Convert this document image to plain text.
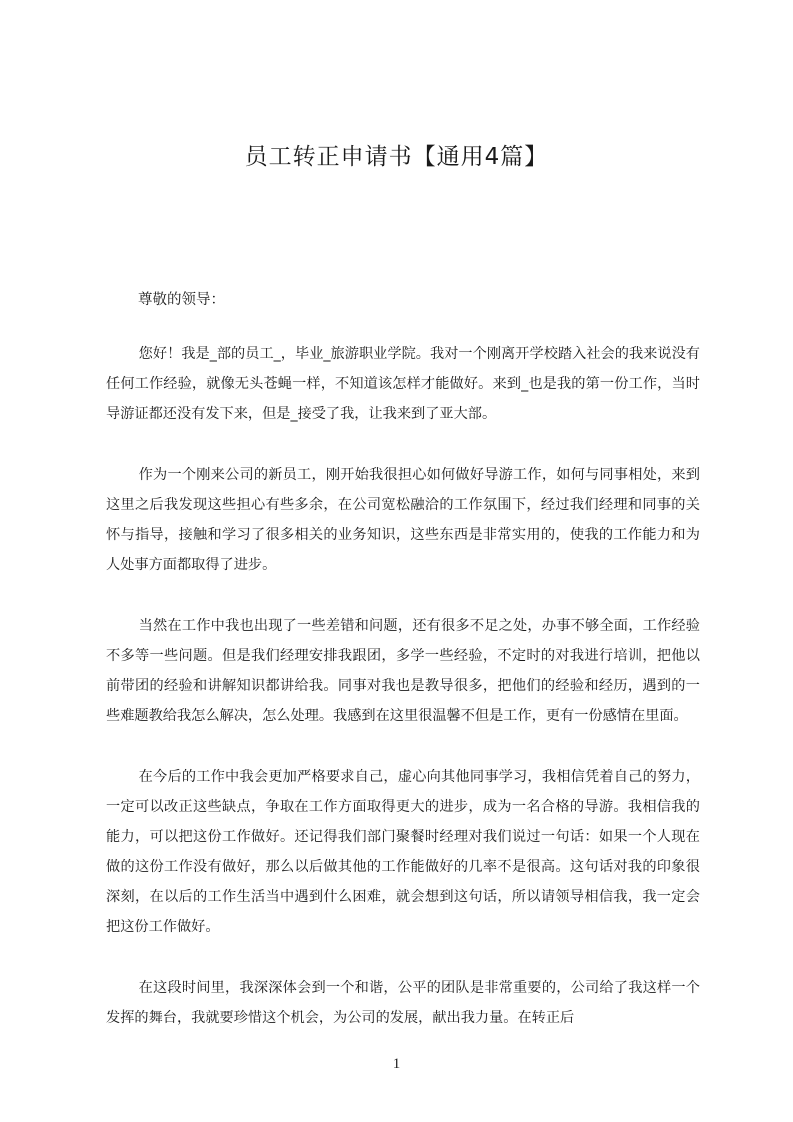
员工转正申请书【通用4篇】

尊敬的领导：

您好！我是_部的员工_，毕业_旅游职业学院。我对一个刚离开学校踏入社会的我来说没有任何工作经验，就像无头苍蝇一样，不知道该怎样才能做好。来到_也是我的第一份工作，当时导游证都还没有发下来，但是_接受了我，让我来到了亚大部。

作为一个刚来公司的新员工，刚开始我很担心如何做好导游工作，如何与同事相处，来到这里之后我发现这些担心有些多余，在公司宽松融洽的工作氛围下，经过我们经理和同事的关怀与指导，接触和学习了很多相关的业务知识，这些东西是非常实用的，使我的工作能力和为人处事方面都取得了进步。

当然在工作中我也出现了一些差错和问题，还有很多不足之处，办事不够全面，工作经验不多等一些问题。但是我们经理安排我跟团，多学一些经验，不定时的对我进行培训，把他以前带团的经验和讲解知识都讲给我。同事对我也是教导很多，把他们的经验和经历，遇到的一些难题教给我怎么解决，怎么处理。我感到在这里很温馨不但是工作，更有一份感情在里面。

在今后的工作中我会更加严格要求自己，虚心向其他同事学习，我相信凭着自己的努力，一定可以改正这些缺点，争取在工作方面取得更大的进步，成为一名合格的导游。我相信我的能力，可以把这份工作做好。还记得我们部门聚餐时经理对我们说过一句话：如果一个人现在做的这份工作没有做好，那么以后做其他的工作能做好的几率不是很高。这句话对我的印象很深刻，在以后的工作生活当中遇到什么困难，就会想到这句话，所以请领导相信我，我一定会把这份工作做好。

在这段时间里，我深深体会到一个和谐，公平的团队是非常重要的，公司给了我这样一个发挥的舞台，我就要珍惜这个机会，为公司的发展，献出我力量。在转正后

1
